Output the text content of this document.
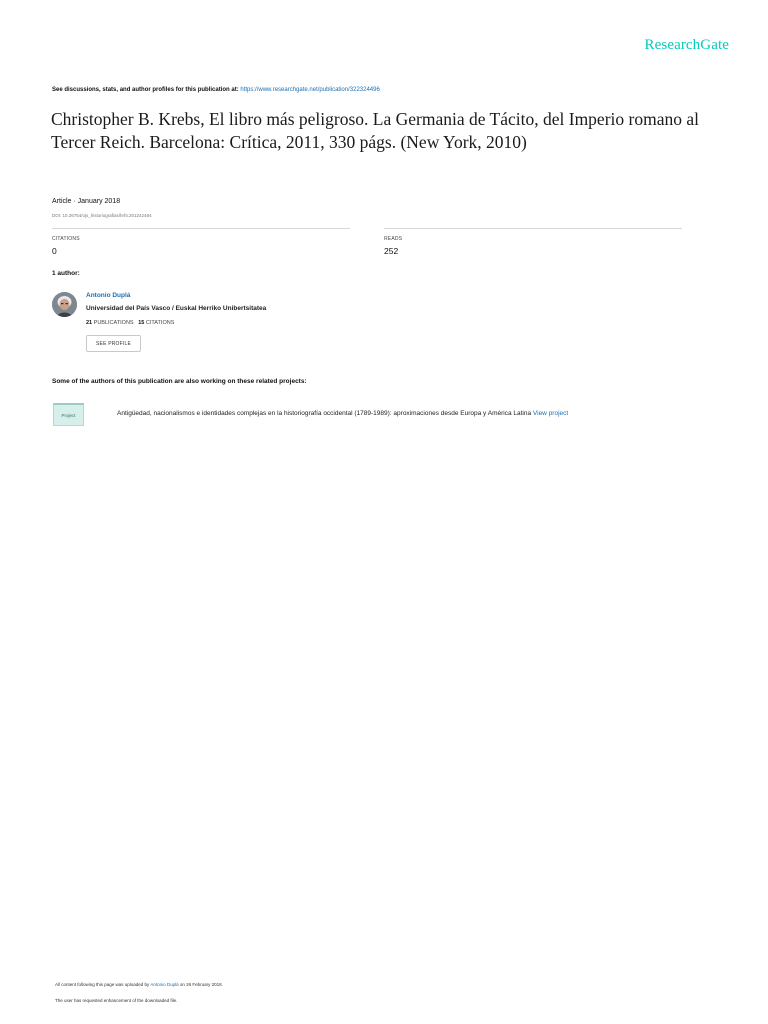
ResearchGate
See discussions, stats, and author profiles for this publication at: https://www.researchgate.net/publication/322324496
Christopher B. Krebs, El libro más peligroso. La Germania de Tácito, del Imperio romano al Tercer Reich. Barcelona: Crítica, 2011, 330 págs. (New York, 2010)
Article · January 2018
DOI: 10.26754/ojs_historiografias/hrht.201242484
CITATIONS
0
READS
252
1 author:
Antonio Duplá
Universidad del País Vasco / Euskal Herriko Unibertsitatea
21 PUBLICATIONS 15 CITATIONS
SEE PROFILE
Some of the authors of this publication are also working on these related projects:
Project	Antigüedad, nacionalismos e identidades complejas en la historiografía occidental (1789-1989): aproximaciones desde Europa y América Latina View project
All content following this page was uploaded by Antonio Duplá on 26 February 2018.
The user has requested enhancement of the downloaded file.
